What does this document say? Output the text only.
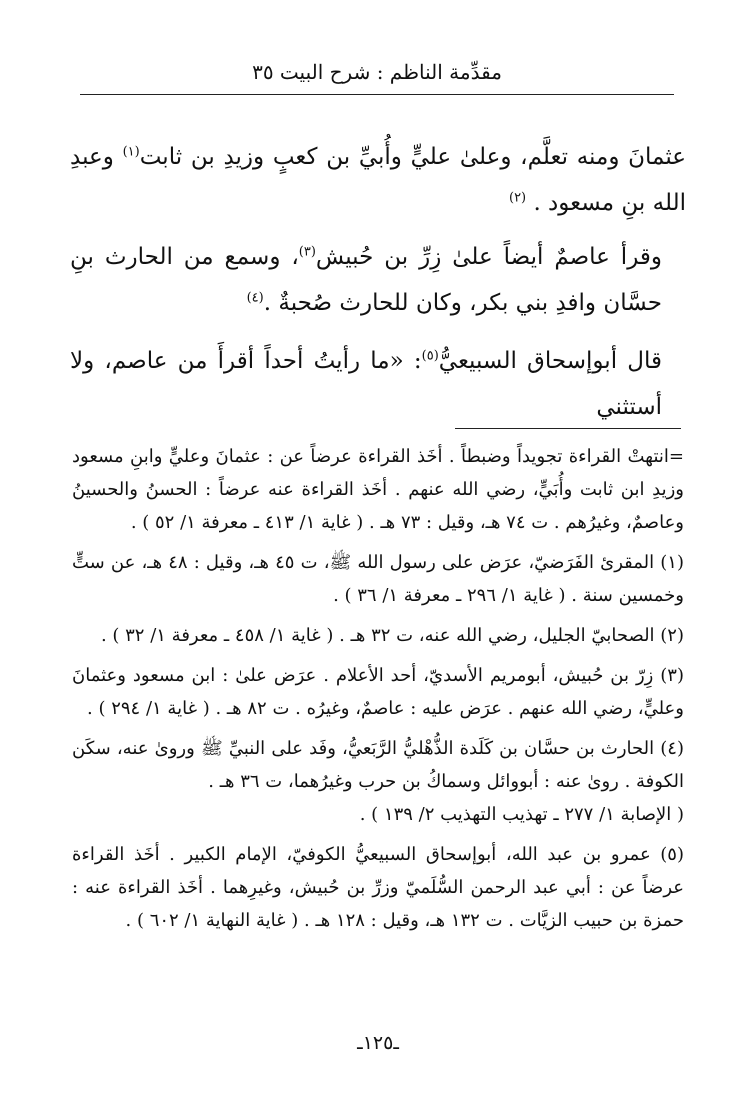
مقدِّمة الناظم : شرح البيت ٣٥

عثمانَ ومنه تعلَّم، وعلىٰ عليٍّ وأُبيِّ بن كعبٍ وزيدِ بن ثابت$^{(١)}$ وعبدِ الله بنِ مسعود . $^{(٢)}$

وقرأ عاصمٌ أيضاً علىٰ زِرِّ بن حُبيش$^{(٣)}$، وسمع من الحارث بنِ حسَّان وافدِ بني بكر، وكان للحارث صُحبةٌ .$^{(٤)}$

قال أبوإسحاق السبيعيُّ$^{(٥)}$: «ما رأيتُ أحداً أقرأَ من عاصم، ولا أستثني

=انتهتْ القراءة تجويداً وضبطاً . أخَذ القراءة عرضاً عن : عثمانَ وعليٍّ وابنِ مسعود وزيدِ ابن ثابت وأُبَيٍّ، رضي الله عنهم . أخَذ القراءة عنه عرضاً : الحسنُ والحسينُ وعاصمٌ، وغيرُهم . ت ٧٤ هـ، وقيل : ٧٣ هـ . ( غاية ١/ ٤١٣ ـ معرفة ١/ ٥٢ ) .

(١) المقرئ الفَرَضيّ، عرَض على رسول الله ﷺ، ت ٤٥ هـ، وقيل : ٤٨ هـ، عن ستٍّ وخمسين سنة . ( غاية ١/ ٢٩٦ ـ معرفة ١/ ٣٦ ) .

(٢) الصحابيّ الجليل، رضي الله عنه، ت ٣٢ هـ . ( غاية ١/ ٤٥٨ ـ معرفة ١/ ٣٢ ) .

(٣) زِرّ بن حُبيش، أبومريم الأسديّ، أحد الأعلام . عرَض علىٰ : ابن مسعود وعثمانَ وعليٍّ، رضي الله عنهم . عرَض عليه : عاصمٌ، وغيرُه . ت ٨٢ هـ . ( غاية ١/ ٢٩٤ ) .

(٤) الحارث بن حسَّان بن كَلَدة الذُّهْليُّ الرَّبَعيُّ، وفَد على النبيِّ ﷺ وروىٰ عنه، سكَن الكوفة . روىٰ عنه : أبووائل وسماكُ بن حرب وغيرُهما، ت ٣٦ هـ .

( الإصابة ١/ ٢٧٧ ـ تهذيب التهذيب ٢/ ١٣٩ ) .

(٥) عمرو بن عبد الله، أبوإسحاق السبيعيُّ الكوفيّ، الإمام الكبير . أخَذ القراءة عرضاً عن : أبي عبد الرحمن السُّلَميّ وزرِّ بن حُبيش، وغيرِهما . أخَذ القراءة عنه : حمزة بن حبيب الزيَّات . ت ١٣٢ هـ، وقيل : ١٢٨ هـ . ( غاية النهاية ١/ ٦٠٢ ) .

ـ١٢٥ـ
